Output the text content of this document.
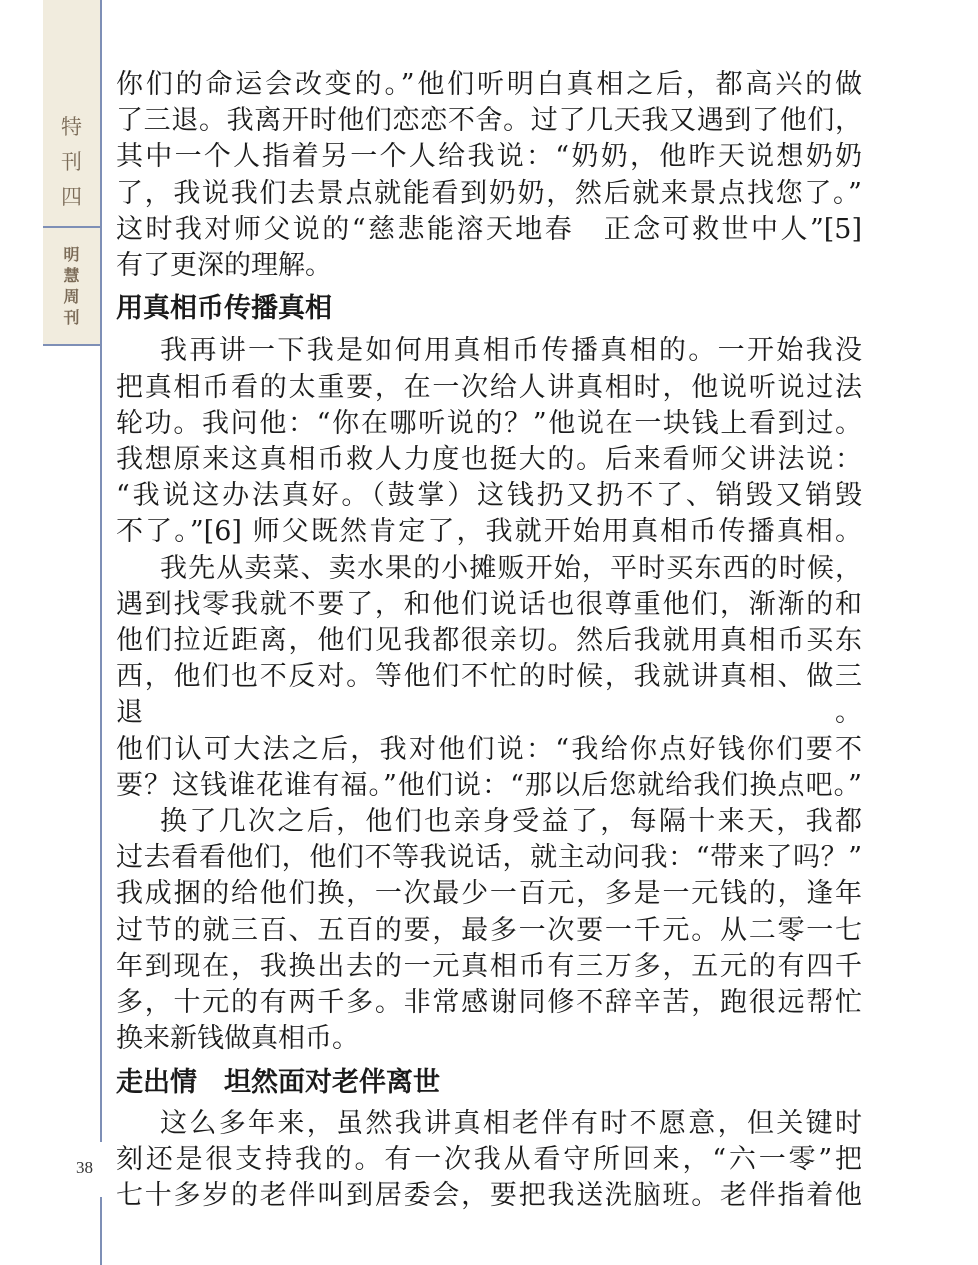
特
刊
四
明
慧
周
刊
38

你们的命运会改变的。”他们听明白真相之后，都高兴的做

了三退。我离开时他们恋恋不舍。过了几天我又遇到了他们，

其中一个人指着另一个人给我说：“奶奶，他昨天说想奶奶

了，我说我们去景点就能看到奶奶，然后就来景点找您了。”

这时我对师父说的“慈悲能溶天地春　正念可救世中人”[5]

有了更深的理解。

用真相币传播真相

我再讲一下我是如何用真相币传播真相的。一开始我没

把真相币看的太重要，在一次给人讲真相时，他说听说过法

轮功。我问他：“你在哪听说的？”他说在一块钱上看到过。

我想原来这真相币救人力度也挺大的。后来看师父讲法说：

“我说这办法真好。（鼓掌）这钱扔又扔不了、销毁又销毁

不了。”[6] 师父既然肯定了，我就开始用真相币传播真相。

我先从卖菜、卖水果的小摊贩开始，平时买东西的时候，

遇到找零我就不要了，和他们说话也很尊重他们，渐渐的和

他们拉近距离，他们见我都很亲切。然后我就用真相币买东

西，他们也不反对。等他们不忙的时候，我就讲真相、做三退。

他们认可大法之后，我对他们说：“我给你点好钱你们要不

要？这钱谁花谁有福。”他们说：“那以后您就给我们换点吧。”

换了几次之后，他们也亲身受益了，每隔十来天，我都

过去看看他们，他们不等我说话，就主动问我：“带来了吗？”

我成捆的给他们换，一次最少一百元，多是一元钱的，逢年

过节的就三百、五百的要，最多一次要一千元。从二零一七

年到现在，我换出去的一元真相币有三万多，五元的有四千

多，十元的有两千多。非常感谢同修不辞辛苦，跑很远帮忙

换来新钱做真相币。

走出情　坦然面对老伴离世

这么多年来，虽然我讲真相老伴有时不愿意，但关键时

刻还是很支持我的。有一次我从看守所回来，“六一零”把

七十多岁的老伴叫到居委会，要把我送洗脑班。老伴指着他
